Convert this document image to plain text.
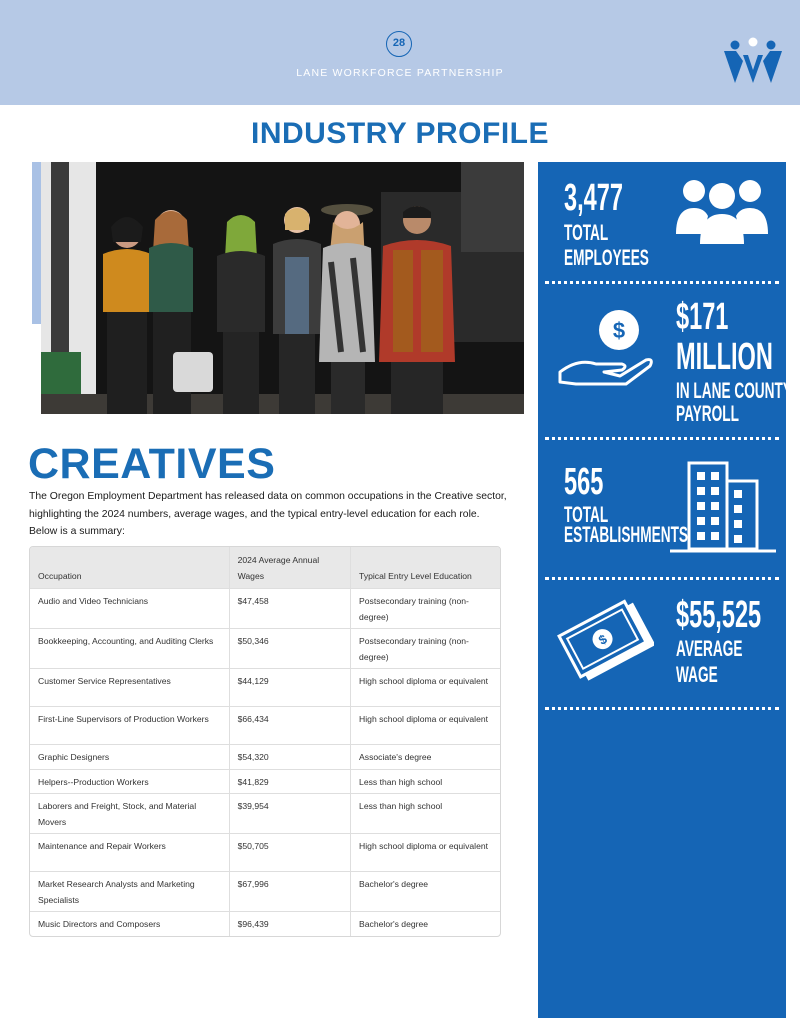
28
LANE WORKFORCE PARTNERSHIP
INDUSTRY PROFILE
CREATIVES
The Oregon Employment Department has released data on common occupations in the Creative sector, highlighting the 2024 numbers, average wages, and the typical entry-level education for each role. Below is a summary:
Occupation	2024 Average Annual Wages	Typical Entry Level Education
Audio and Video Technicians	$47,458	Postsecondary training (non-degree)
Bookkeeping, Accounting, and Auditing Clerks	$50,346	Postsecondary training (non-degree)
Customer Service Representatives	$44,129	High school diploma or equivalent
First-Line Supervisors of Production Workers	$66,434	High school diploma or equivalent
Graphic Designers	$54,320	Associate's degree
Helpers--Production Workers	$41,829	Less than high school
Laborers and Freight, Stock, and Material Movers	$39,954	Less than high school
Maintenance and Repair Workers	$50,705	High school diploma or equivalent
Market Research Analysts and Marketing Specialists	$67,996	Bachelor's degree
Music Directors and Composers	$96,439	Bachelor's degree
3,477
TOTAL
EMPLOYEES
$ $171
MILLION
IN LANE COUNTY
PAYROLL
565
TOTAL
ESTABLISHMENTS
$
$55,525
AVERAGE
WAGE
